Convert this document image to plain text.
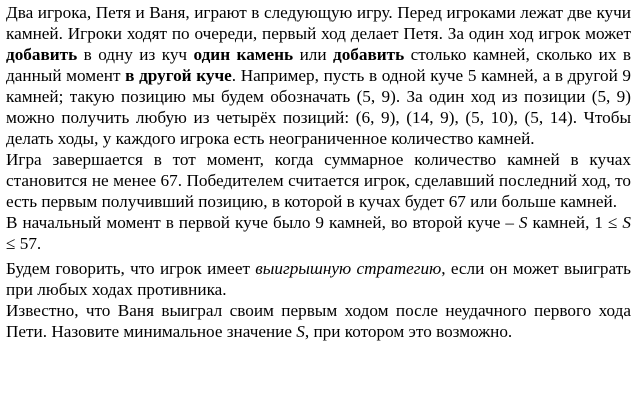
Два игрока, Петя и Ваня, играют в следующую игру. Перед игроками лежат две кучи камней. Игроки ходят по очереди, первый ход делает Петя. За один ход игрок может добавить в одну из куч один камень или добавить столько камней, сколько их в данный момент в другой куче. Например, пусть в одной куче 5 камней, а в другой 9 камней; такую позицию мы будем обозначать (5, 9). За один ход из позиции (5, 9) можно получить любую из четырёх позиций: (6, 9), (14, 9), (5, 10), (5, 14). Чтобы делать ходы, у каждого игрока есть неограниченное количество камней.

Игра завершается в тот момент, когда суммарное количество камней в кучах становится не менее 67. Победителем считается игрок, сделавший последний ход, то есть первым получивший позицию, в которой в кучах будет 67 или больше камней.

В начальный момент в первой куче было 9 камней, во второй куче – S камней, 1 ≤ S ≤ 57.

Будем говорить, что игрок имеет выигрышную стратегию, если он может выиграть при любых ходах противника.

Известно, что Ваня выиграл своим первым ходом после неудачного первого хода Пети. Назовите минимальное значение S, при котором это возможно.
